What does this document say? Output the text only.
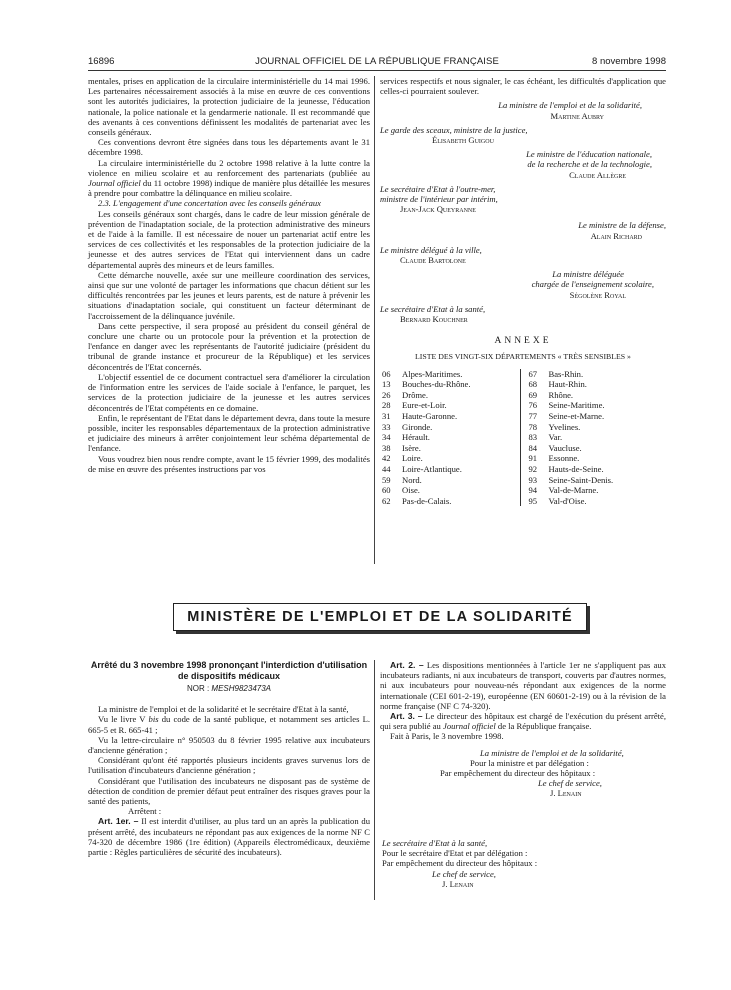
16896	JOURNAL OFFICIEL DE LA RÉPUBLIQUE FRANÇAISE	8 novembre 1998

mentales, prises en application de la circulaire interministérielle du 14 mai 1996. Les partenaires nécessairement associés à la mise en œuvre de ces conventions sont les autorités judiciaires, la protection judiciaire de la jeunesse, l'éducation nationale, la police nationale et la gendarmerie nationale. Il est recommandé que des avenants à ces conventions définissent les modalités de partenariat avec les conseils généraux.

Ces conventions devront être signées dans tous les départements avant le 31 décembre 1998.

La circulaire interministérielle du 2 octobre 1998 relative à la lutte contre la violence en milieu scolaire et au renforcement des partenariats (publiée au Journal officiel du 11 octobre 1998) indique de manière plus détaillée les mesures à prendre pour combattre la délinquance en milieu scolaire.

2.3. L'engagement d'une concertation avec les conseils généraux

Les conseils généraux sont chargés, dans le cadre de leur mission générale de prévention de l'inadaptation sociale, de la protection administrative des mineurs et de l'aide à la famille. Il est nécessaire de nouer un partenariat actif entre les services de ces collectivités et les responsables de la protection judiciaire de la jeunesse et des autres services de l'Etat qui interviennent dans un cadre départemental auprès des mineurs et de leurs familles.

Cette démarche nouvelle, axée sur une meilleure coordination des services, ainsi que sur une volonté de partager les informations que chacun détient sur les difficultés rencontrées par les jeunes et leurs parents, est de nature à prévenir les situations d'inadaptation sociale, qui constituent un facteur déterminant de l'accroissement de la délinquance juvénile.

Dans cette perspective, il sera proposé au président du conseil général de conclure une charte ou un protocole pour la prévention et la protection de l'enfance en danger avec les représentants de l'autorité judiciaire (président du tribunal de grande instance et procureur de la République) et les services déconcentrés de l'Etat concernés.

L'objectif essentiel de ce document contractuel sera d'améliorer la circulation de l'information entre les services de l'aide sociale à l'enfance, le parquet, les services de la protection judiciaire de la jeunesse et les autres services déconcentrés de l'Etat compétents en ce domaine.

Enfin, le représentant de l'Etat dans le département devra, dans toute la mesure possible, inciter les responsables départementaux de la protection administrative et judiciaire des mineurs à arrêter conjointement leur schéma départemental de l'enfance.

Vous voudrez bien nous rendre compte, avant le 15 février 1999, des modalités de mise en œuvre des présentes instructions par vos

services respectifs et nous signaler, le cas échéant, les difficultés d'application que celles-ci pourraient soulever.

La ministre de l'emploi et de la solidarité,
Martine Aubry
Le garde des sceaux, ministre de la justice,
Élisabeth Guigou
Le ministre de l'éducation nationale,
de la recherche et de la technologie,
Claude Allègre
Le secrétaire d'Etat à l'outre-mer,
ministre de l'intérieur par intérim,
Jean-Jack Queyranne
Le ministre de la défense,
Alain Richard
Le ministre délégué à la ville,
Claude Bartolone
La ministre déléguée
chargée de l'enseignement scolaire,
Ségolène Royal
Le secrétaire d'Etat à la santé,
Bernard Kouchner
ANNEXE
LISTE DES VINGT-SIX DÉPARTEMENTS « TRÈS SENSIBLES »
06	Alpes-Maritimes.
13	Bouches-du-Rhône.
26	Drôme.
28	Eure-et-Loir.
31	Haute-Garonne.
33	Gironde.
34	Hérault.
38	Isère.
42	Loire.
44	Loire-Atlantique.
59	Nord.
60	Oise.
62	Pas-de-Calais.
67	Bas-Rhin.
68	Haut-Rhin.
69	Rhône.
76	Seine-Maritime.
77	Seine-et-Marne.
78	Yvelines.
83	Var.
84	Vaucluse.
91	Essonne.
92	Hauts-de-Seine.
93	Seine-Saint-Denis.
94	Val-de-Marne.
95	Val-d'Oise.
MINISTÈRE DE L'EMPLOI ET DE LA SOLIDARITÉ
Arrêté du 3 novembre 1998 prononçant l'interdiction d'utilisation de dispositifs médicaux
NOR : MESH9823473A

La ministre de l'emploi et de la solidarité et le secrétaire d'Etat à la santé,

Vu le livre V bis du code de la santé publique, et notamment ses articles L. 665-5 et R. 665-41 ;

Vu la lettre-circulaire n° 950503 du 8 février 1995 relative aux incubateurs d'ancienne génération ;

Considérant qu'ont été rapportés plusieurs incidents graves survenus lors de l'utilisation d'incubateurs d'ancienne génération ;

Considérant que l'utilisation des incubateurs ne disposant pas de système de détection de condition de premier défaut peut entraîner des risques graves pour la santé des patients,

Arrêtent :

Art. 1er. – Il est interdit d'utiliser, au plus tard un an après la publication du présent arrêté, des incubateurs ne répondant pas aux exigences de la norme NF C 74-320 de décembre 1986 (1re édition) (Appareils électromédicaux, deuxième partie : Règles particulières de sécurité des incubateurs).

Art. 2. – Les dispositions mentionnées à l'article 1er ne s'appliquent pas aux incubateurs radiants, ni aux incubateurs de transport, couverts par d'autres normes, ni aux incubateurs pour nouveau-nés répondant aux exigences de la norme internationale (CEI 601-2-19), européenne (EN 60601-2-19) ou à la révision de la norme française (NF C 74-320).

Art. 3. – Le directeur des hôpitaux est chargé de l'exécution du présent arrêté, qui sera publié au Journal officiel de la République française.

Fait à Paris, le 3 novembre 1998.

La ministre de l'emploi et de la solidarité,
Pour la ministre et par délégation :
Par empêchement du directeur des hôpitaux :
Le chef de service,
J. Lenain
Le secrétaire d'Etat à la santé,
Pour le secrétaire d'Etat et par délégation :
Par empêchement du directeur des hôpitaux :
Le chef de service,
J. Lenain
